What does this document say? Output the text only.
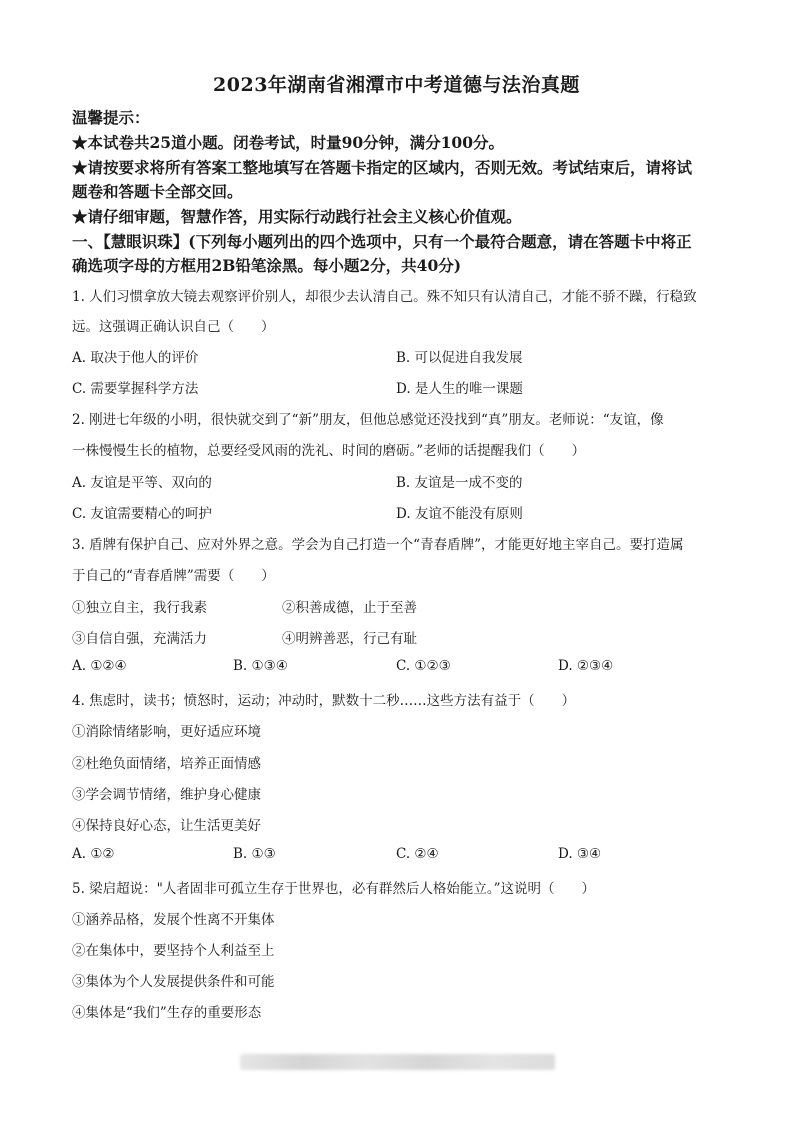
2023年湖南省湘潭市中考道德与法治真题
温馨提示：
★本试卷共25道小题。闭卷考试，时量90分钟，满分100分。
★请按要求将所有答案工整地填写在答题卡指定的区域内，否则无效。考试结束后，请将试
题卷和答题卡全部交回。
★请仔细审题，智慧作答，用实际行动践行社会主义核心价值观。
一、【慧眼识珠】(下列每小题列出的四个选项中，只有一个最符合题意，请在答题卡中将正
确选项字母的方框用2B铅笔涂黑。每小题2分，共40分)
1. 人们习惯拿放大镜去观察评价别人，却很少去认清自己。殊不知只有认清自己，才能不骄不躁，行稳致
远。这强调正确认识自己（　　）
A. 取决于他人的评价	B. 可以促进自我发展
C. 需要掌握科学方法	D. 是人生的唯一课题
2. 刚进七年级的小明，很快就交到了“新”朋友，但他总感觉还没找到“真”朋友。老师说：“友谊，像
一株慢慢生长的植物，总要经受风雨的洗礼、时间的磨砺。”老师的话提醒我们（　　）
A. 友谊是平等、双向的	B. 友谊是一成不变的
C. 友谊需要精心的呵护	D. 友谊不能没有原则
3. 盾牌有保护自己、应对外界之意。学会为自己打造一个“青春盾牌”，才能更好地主宰自己。要打造属
于自己的“青春盾牌”需要（　　）
①独立自主，我行我素	②积善成德，止于至善
③自信自强，充满活力	④明辨善恶，行己有耻
A. ①②④	B. ①③④	C. ①②③	D. ②③④
4. 焦虑时，读书；愤怒时，运动；冲动时，默数十二秒……这些方法有益于（　　）
①消除情绪影响，更好适应环境
②杜绝负面情绪，培养正面情感
③学会调节情绪，维护身心健康
④保持良好心态，让生活更美好
A. ①②	B. ①③	C. ②④	D. ③④
5. 梁启超说："人者固非可孤立生存于世界也，必有群然后人格始能立。”这说明（　　）
①涵养品格，发展个性离不开集体
②在集体中，要坚持个人利益至上
③集体为个人发展提供条件和可能
④集体是“我们”生存的重要形态
